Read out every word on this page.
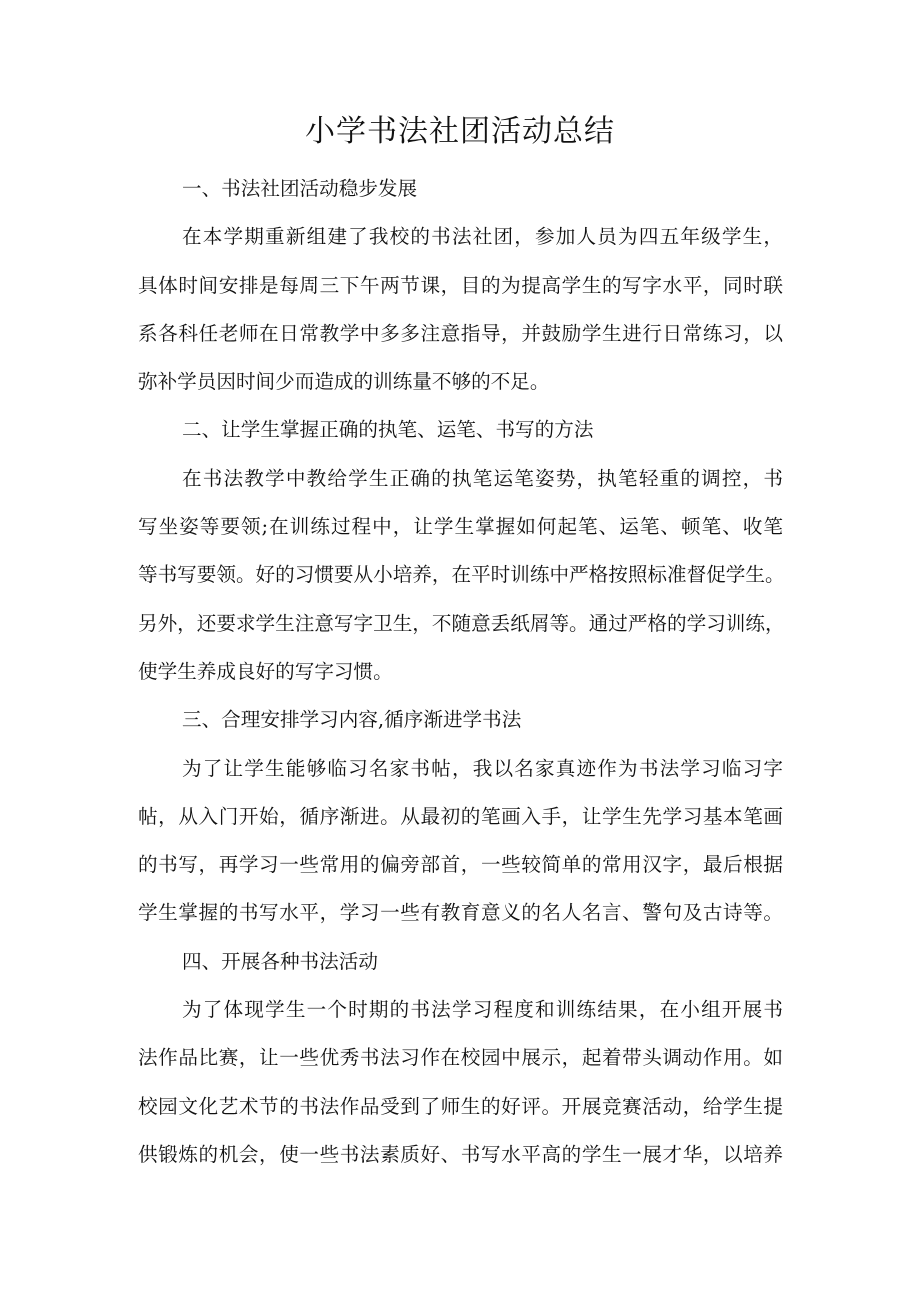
小学书法社团活动总结
一、书法社团活动稳步发展
在本学期重新组建了我校的书法社团，参加人员为四五年级学生，
具体时间安排是每周三下午两节课，目的为提高学生的写字水平，同时联
系各科任老师在日常教学中多多注意指导，并鼓励学生进行日常练习，以
弥补学员因时间少而造成的训练量不够的不足。
二、让学生掌握正确的执笔、运笔、书写的方法
在书法教学中教给学生正确的执笔运笔姿势，执笔轻重的调控，书
写坐姿等要领;在训练过程中，让学生掌握如何起笔、运笔、顿笔、收笔
等书写要领。好的习惯要从小培养，在平时训练中严格按照标准督促学生。
另外，还要求学生注意写字卫生，不随意丢纸屑等。通过严格的学习训练，
使学生养成良好的写字习惯。
三、合理安排学习内容,循序渐进学书法
为了让学生能够临习名家书帖，我以名家真迹作为书法学习临习字
帖，从入门开始，循序渐进。从最初的笔画入手，让学生先学习基本笔画
的书写，再学习一些常用的偏旁部首，一些较简单的常用汉字，最后根据
学生掌握的书写水平，学习一些有教育意义的名人名言、警句及古诗等。
四、开展各种书法活动
为了体现学生一个时期的书法学习程度和训练结果，在小组开展书
法作品比赛，让一些优秀书法习作在校园中展示，起着带头调动作用。如
校园文化艺术节的书法作品受到了师生的好评。开展竞赛活动，给学生提
供锻炼的机会，使一些书法素质好、书写水平高的学生一展才华，以培养
